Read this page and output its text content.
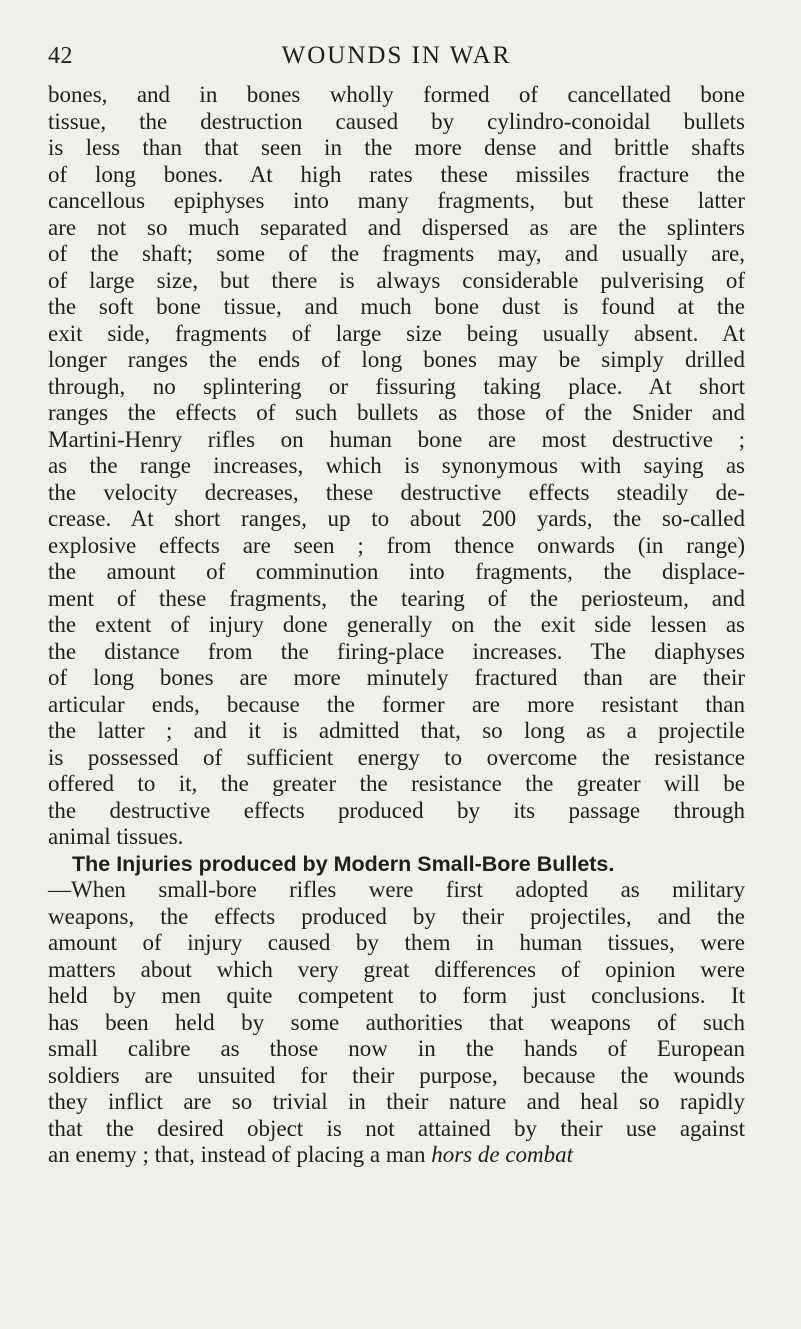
42	WOUNDS IN WAR
bones, and in bones wholly formed of cancellated bone
tissue, the destruction caused by cylindro-conoidal bullets
is less than that seen in the more dense and brittle shafts
of long bones. At high rates these missiles fracture the
cancellous epiphyses into many fragments, but these latter
are not so much separated and dispersed as are the splinters
of the shaft; some of the fragments may, and usually are,
of large size, but there is always considerable pulverising of
the soft bone tissue, and much bone dust is found at the
exit side, fragments of large size being usually absent. At
longer ranges the ends of long bones may be simply drilled
through, no splintering or fissuring taking place. At short
ranges the effects of such bullets as those of the Snider and
Martini-Henry rifles on human bone are most destructive ;
as the range increases, which is synonymous with saying as
the velocity decreases, these destructive effects steadily de-
crease. At short ranges, up to about 200 yards, the so-called
explosive effects are seen ; from thence onwards (in range)
the amount of comminution into fragments, the displace-
ment of these fragments, the tearing of the periosteum, and
the extent of injury done generally on the exit side lessen as
the distance from the firing-place increases. The diaphyses
of long bones are more minutely fractured than are their
articular ends, because the former are more resistant than
the latter ; and it is admitted that, so long as a projectile
is possessed of sufficient energy to overcome the resistance
offered to it, the greater the resistance the greater will be
the destructive effects produced by its passage through
animal tissues.
The Injuries produced by Modern Small-Bore Bullets.
—When small-bore rifles were first adopted as military
weapons, the effects produced by their projectiles, and the
amount of injury caused by them in human tissues, were
matters about which very great differences of opinion were
held by men quite competent to form just conclusions. It
has been held by some authorities that weapons of such
small calibre as those now in the hands of European
soldiers are unsuited for their purpose, because the wounds
they inflict are so trivial in their nature and heal so rapidly
that the desired object is not attained by their use against
an enemy ; that, instead of placing a man hors de combat
